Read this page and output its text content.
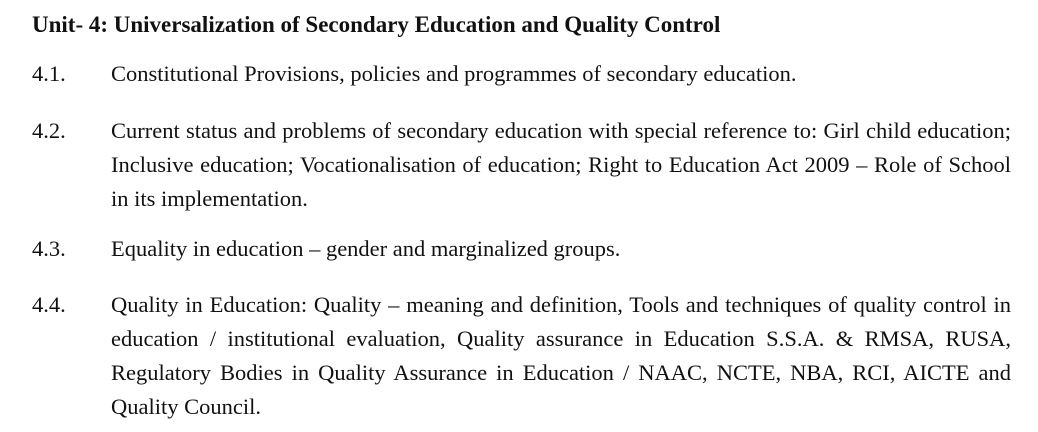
Unit- 4: Universalization of Secondary Education and Quality Control
4.1. Constitutional Provisions, policies and programmes of secondary education.
4.2. Current status and problems of secondary education with special reference to: Girl child education; Inclusive education; Vocationalisation of education; Right to Education Act 2009 – Role of School in its implementation.
4.3. Equality in education – gender and marginalized groups.
4.4. Quality in Education: Quality – meaning and definition, Tools and techniques of quality control in education / institutional evaluation, Quality assurance in Education S.S.A. & RMSA, RUSA, Regulatory Bodies in Quality Assurance in Education / NAAC, NCTE, NBA, RCI, AICTE and Quality Council.
